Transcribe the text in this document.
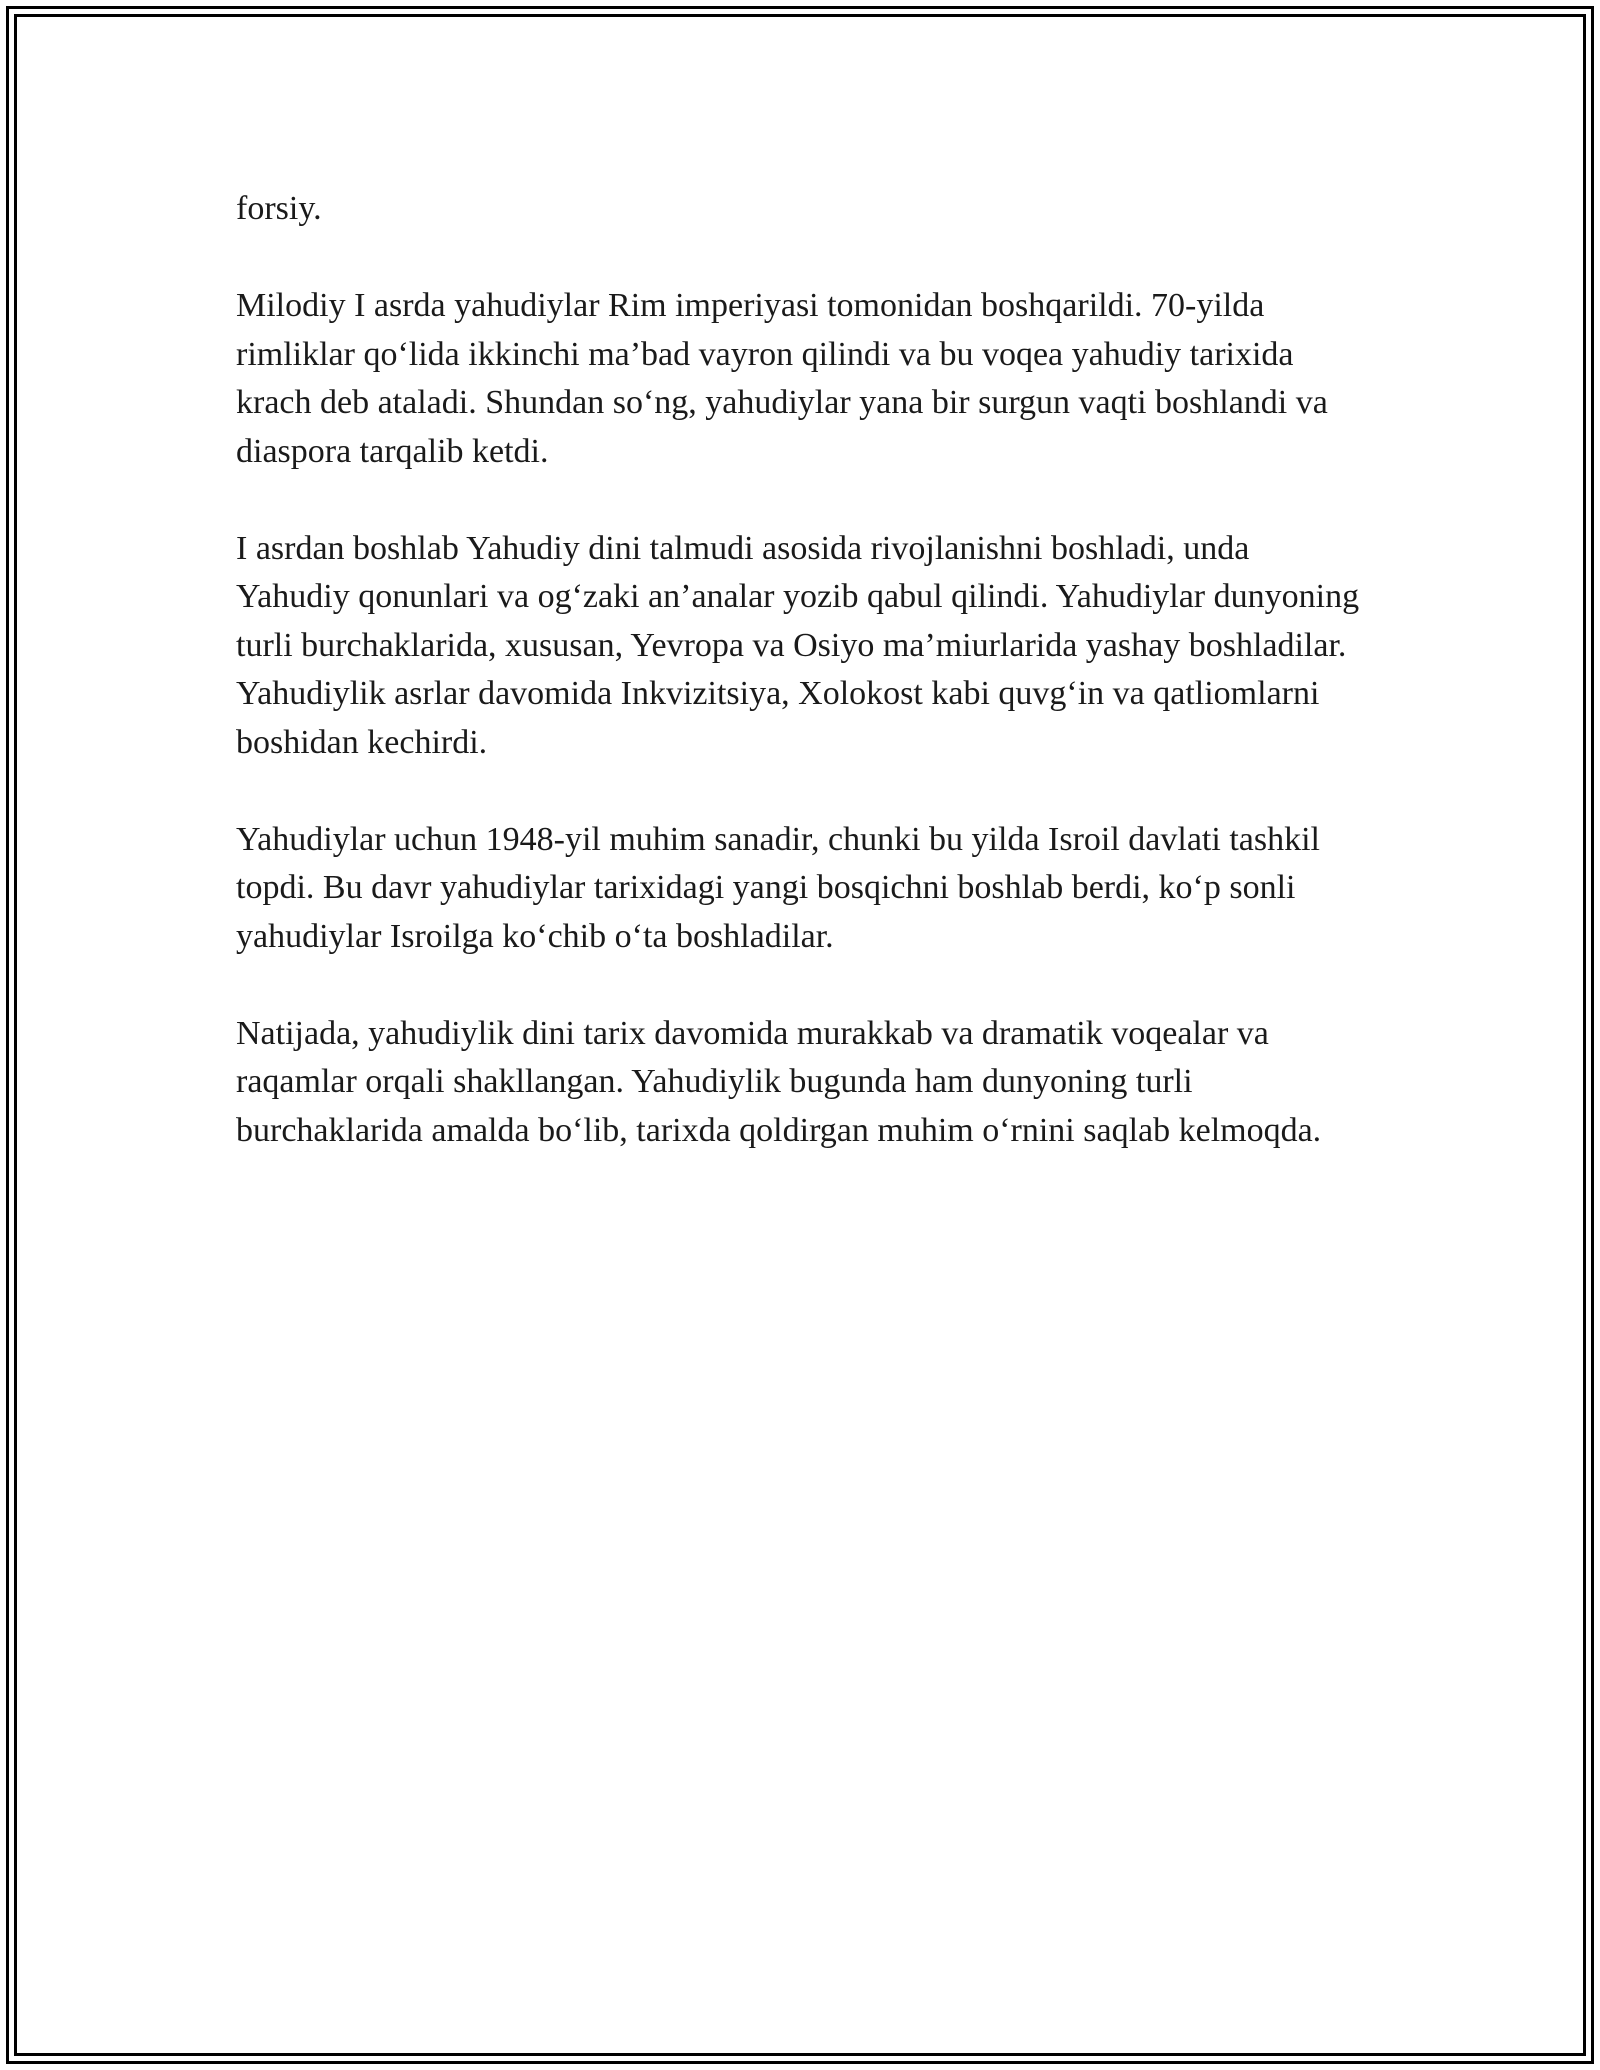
forsiy.

Milodiy I asrda yahudiylar Rim imperiyasi tomonidan boshqarildi. 70-yilda rimliklar qo‘lida ikkinchi ma’bad vayron qilindi va bu voqea yahudiy tarixida krach deb ataladi. Shundan so‘ng, yahudiylar yana bir surgun vaqti boshlandi va diaspora tarqalib ketdi.

I asrdan boshlab Yahudiy dini talmudi asosida rivojlanishni boshladi, unda Yahudiy qonunlari va og‘zaki an’analar yozib qabul qilindi. Yahudiylar dunyoning turli burchaklarida, xususan, Yevropa va Osiyo ma’miurlarida yashay boshladilar. Yahudiylik asrlar davomida Inkvizitsiya, Xolokost kabi quvg‘in va qatliomlarni boshidan kechirdi.

Yahudiylar uchun 1948-yil muhim sanadir, chunki bu yilda Isroil davlati tashkil topdi. Bu davr yahudiylar tarixidagi yangi bosqichni boshlab berdi, ko‘p sonli yahudiylar Isroilga ko‘chib o‘ta boshladilar.

Natijada, yahudiylik dini tarix davomida murakkab va dramatik voqealar va raqamlar orqali shakllangan. Yahudiylik bugunda ham dunyoning turli burchaklarida amalda bo‘lib, tarixda qoldirgan muhim o‘rnini saqlab kelmoqda.
